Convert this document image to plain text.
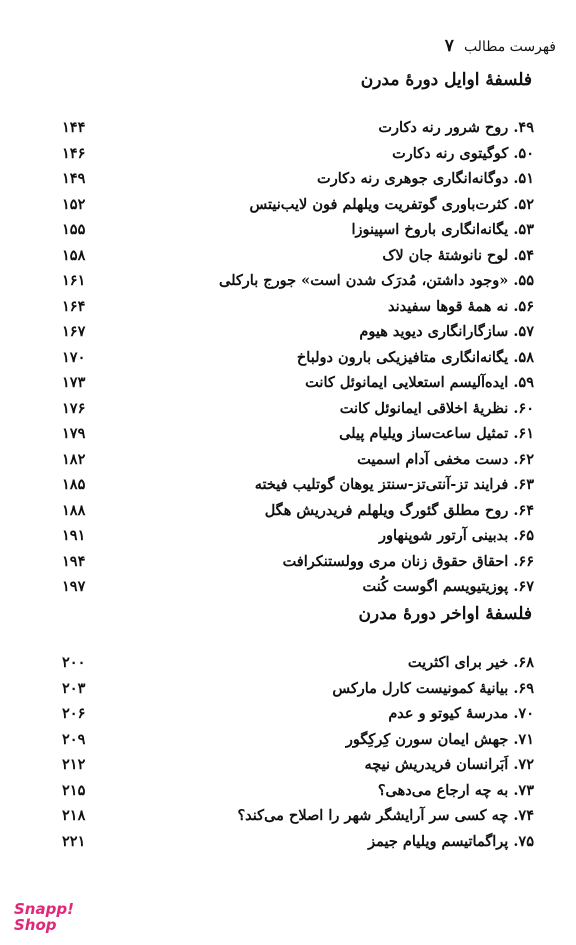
فهرست مطالب
۷
فلسفهٔ اوایل دورهٔ مدرن
۴۹. روح شرور رنه دکارت
۱۴۴
۵۰. کوگیتوی رنه دکارت
۱۴۶
۵۱. دوگانه‌انگاری جوهری رنه دکارت
۱۴۹
۵۲. کثرت‌باوری گوتفریت ویلهلم فون لایب‌نیتس
۱۵۲
۵۳. یگانه‌انگاری باروخ اسپینوزا
۱۵۵
۵۴. لوح نانوشتهٔ جان لاک
۱۵۸
۵۵. «وجود داشتن، مُدرَک شدن است» جورج بارکلی
۱۶۱
۵۶. نه همهٔ قوها سفیدند
۱۶۴
۵۷. سازگارانگاری دیوید هیوم
۱۶۷
۵۸. یگانه‌انگاری متافیزیکی بارون دولباخ
۱۷۰
۵۹. ایده‌آلیسم استعلایی ایمانوئل کانت
۱۷۳
۶۰. نظریهٔ اخلاقی ایمانوئل کانت
۱۷۶
۶۱. تمثیل ساعت‌ساز ویلیام پیلی
۱۷۹
۶۲. دست مخفی آدام اسمیت
۱۸۲
۶۳. فرایند تز-آنتی‌تز-سنتز یوهان گوتلیب فیخته
۱۸۵
۶۴. روح مطلق گئورگ ویلهلم فریدریش هگل
۱۸۸
۶۵. بدبینی آرتور شوپنهاور
۱۹۱
۶۶. احقاق حقوق زنان مری وولستنکرافت
۱۹۴
۶۷. پوزیتیویسم اگوست کُنت
۱۹۷
فلسفهٔ اواخر دورهٔ مدرن
۶۸. خیر برای اکثریت
۲۰۰
۶۹. بیانیهٔ کمونیست کارل مارکس
۲۰۳
۷۰. مدرسهٔ کیوتو و عدم
۲۰۶
۷۱. جهش ایمان سورن کِرکِگور
۲۰۹
۷۲. اَبَرانسان فریدریش نیچه
۲۱۲
۷۳. به چه ارجاع می‌دهی؟
۲۱۵
۷۴. چه کسی سر آرایشگر شهر را اصلاح می‌کند؟
۲۱۸
۷۵. پراگماتیسم ویلیام جیمز
۲۲۱
Snapp!
Shop
